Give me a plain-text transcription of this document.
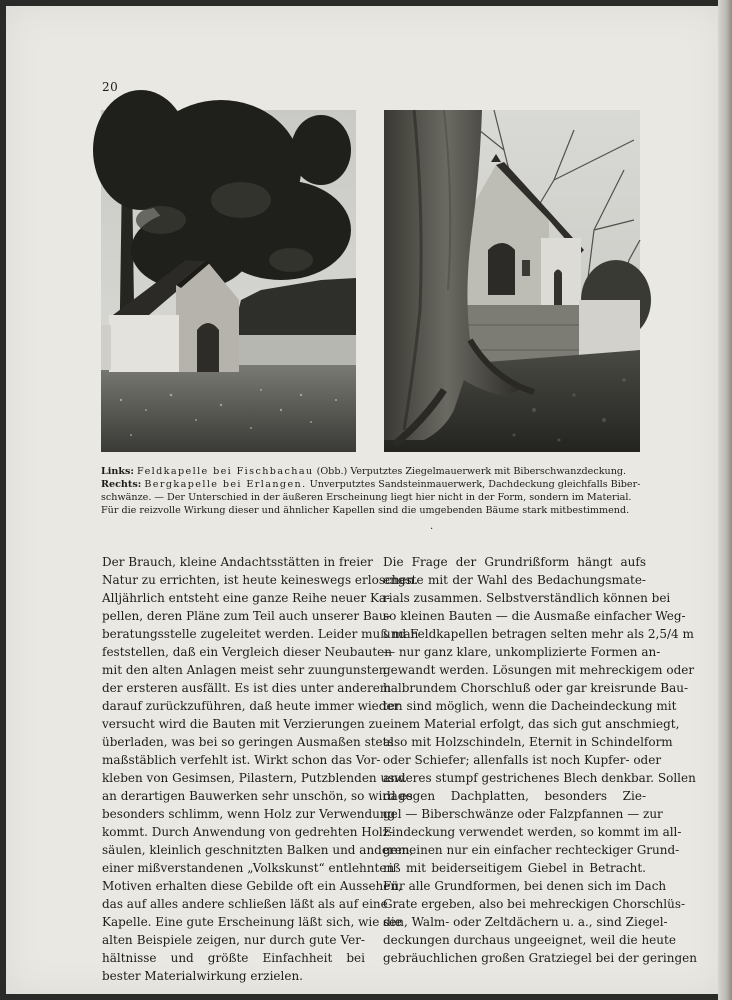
20
Links: Feldkapelle bei Fischbachau (Obb.) Verputztes Ziegelmauerwerk mit Biberschwanzdeckung.
Rechts: Bergkapelle bei Erlangen. Unverputztes Sandsteinmauerwerk, Dachdeckung gleichfalls Biber-
schwänze. — Der Unterschied in der äußeren Erscheinung liegt hier nicht in der Form, sondern im Material.
Für die reizvolle Wirkung dieser und ähnlicher Kapellen sind die umgebenden Bäume stark mitbestimmend.
.
Der Brauch, kleine Andachtsstätten in freier
Natur zu errichten, ist heute keineswegs erloschen.
Alljährlich entsteht eine ganze Reihe neuer Ka-
pellen, deren Pläne zum Teil auch unserer Bau-
beratungsstelle zugeleitet werden. Leider muß man
feststellen, daß ein Vergleich dieser Neubauten
mit den alten Anlagen meist sehr zuungunsten
der ersteren ausfällt. Es ist dies unter anderem
darauf zurückzuführen, daß heute immer wieder
versucht wird die Bauten mit Verzierungen zu
überladen, was bei so geringen Ausmaßen stets
maßstäblich verfehlt ist. Wirkt schon das Vor-
kleben von Gesimsen, Pilastern, Putzblenden usw.
an derartigen Bauwerken sehr unschön, so wird es
besonders schlimm, wenn Holz zur Verwendung
kommt. Durch Anwendung von gedrehten Holz-
säulen, kleinlich geschnitzten Balken und anderen,
einer mißverstandenen „Volkskunst“ entlehnten
Motiven erhalten diese Gebilde oft ein Aussehen,
das auf alles andere schließen läßt als auf eine
Kapelle. Eine gute Erscheinung läßt sich, wie die
alten Beispiele zeigen, nur durch gute Ver-
hältnisse und größte Einfachheit bei
bester Materialwirkung erzielen.
Die Frage der Grundrißform hängt aufs
engste mit der Wahl des Bedachungsmate-
rials zusammen. Selbstverständlich können bei
so kleinen Bauten — die Ausmaße einfacher Weg-
und Feldkapellen betragen selten mehr als 2,5/4 m
— nur ganz klare, unkomplizierte Formen an-
gewandt werden. Lösungen mit mehreckigem oder
halbrundem Chorschluß oder gar kreisrunde Bau-
ten sind möglich, wenn die Dacheindeckung mit
einem Material erfolgt, das sich gut anschmiegt,
also mit Holzschindeln, Eternit in Schindelform
oder Schiefer; allenfalls ist noch Kupfer- oder
anderes stumpf gestrichenes Blech denkbar. Sollen
dagegen Dachplatten, besonders Zie-
gel — Biberschwänze oder Falzpfannen — zur
Eindeckung verwendet werden, so kommt im all-
gemeinen nur ein einfacher rechteckiger Grund-
riß mit beiderseitigem Giebel in Betracht.
Für alle Grundformen, bei denen sich im Dach
Grate ergeben, also bei mehreckigen Chorschlüs-
sen, Walm- oder Zeltdächern u. a., sind Ziegel-
deckungen durchaus ungeeignet, weil die heute
gebräuchlichen großen Gratziegel bei der geringen
